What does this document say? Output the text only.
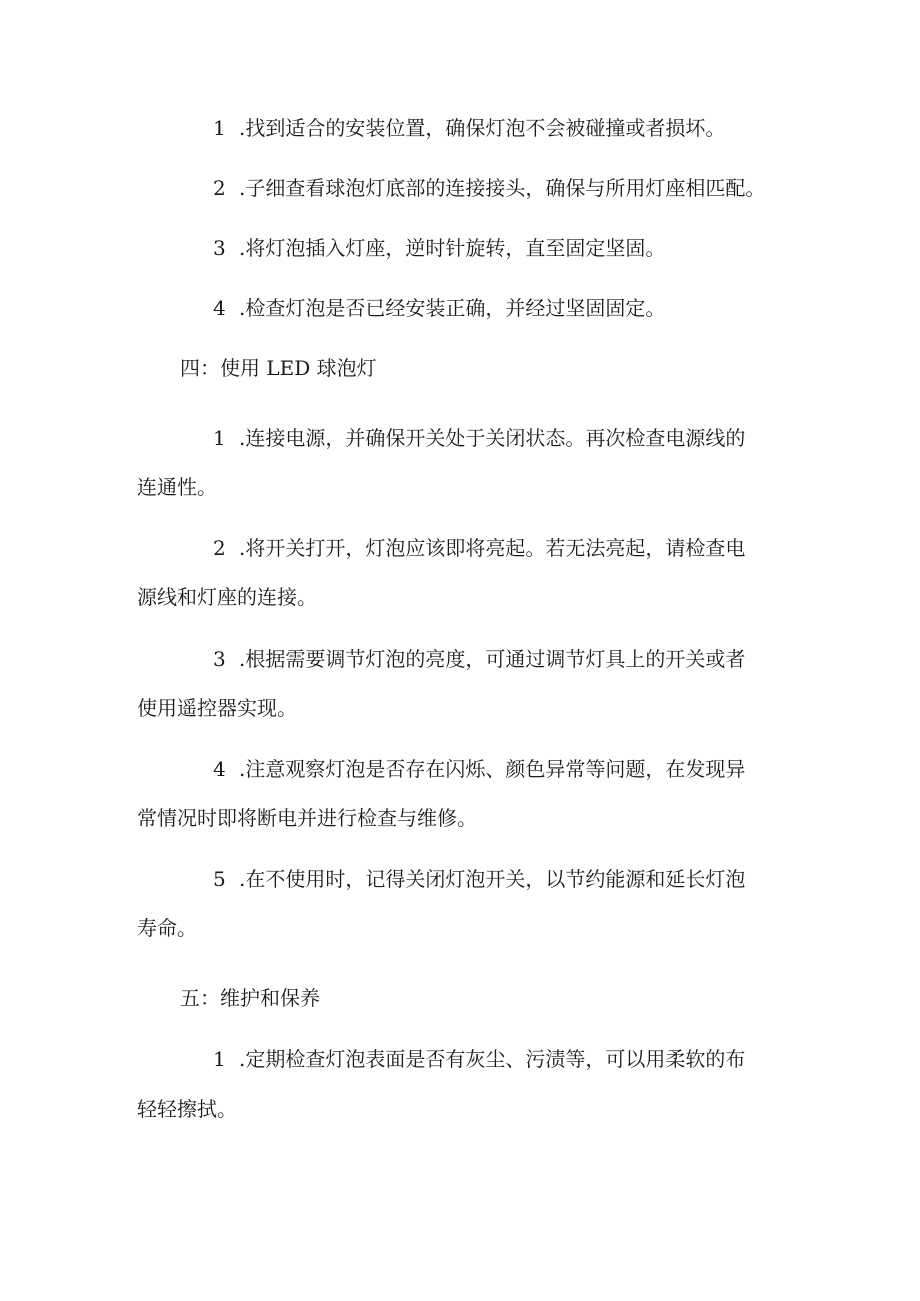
1 .找到适合的安装位置，确保灯泡不会被碰撞或者损坏。
2 .子细查看球泡灯底部的连接接头，确保与所用灯座相匹配。
3 .将灯泡插入灯座，逆时针旋转，直至固定坚固。
4 .检查灯泡是否已经安装正确，并经过坚固固定。
四：使用 LED 球泡灯
1 .连接电源，并确保开关处于关闭状态。再次检查电源线的
连通性。
2 .将开关打开，灯泡应该即将亮起。若无法亮起，请检查电
源线和灯座的连接。
3 .根据需要调节灯泡的亮度，可通过调节灯具上的开关或者
使用遥控器实现。
4 .注意观察灯泡是否存在闪烁、颜色异常等问题，在发现异
常情况时即将断电并进行检查与维修。
5 .在不使用时，记得关闭灯泡开关，以节约能源和延长灯泡
寿命。
五：维护和保养
1 .定期检查灯泡表面是否有灰尘、污渍等，可以用柔软的布
轻轻擦拭。
